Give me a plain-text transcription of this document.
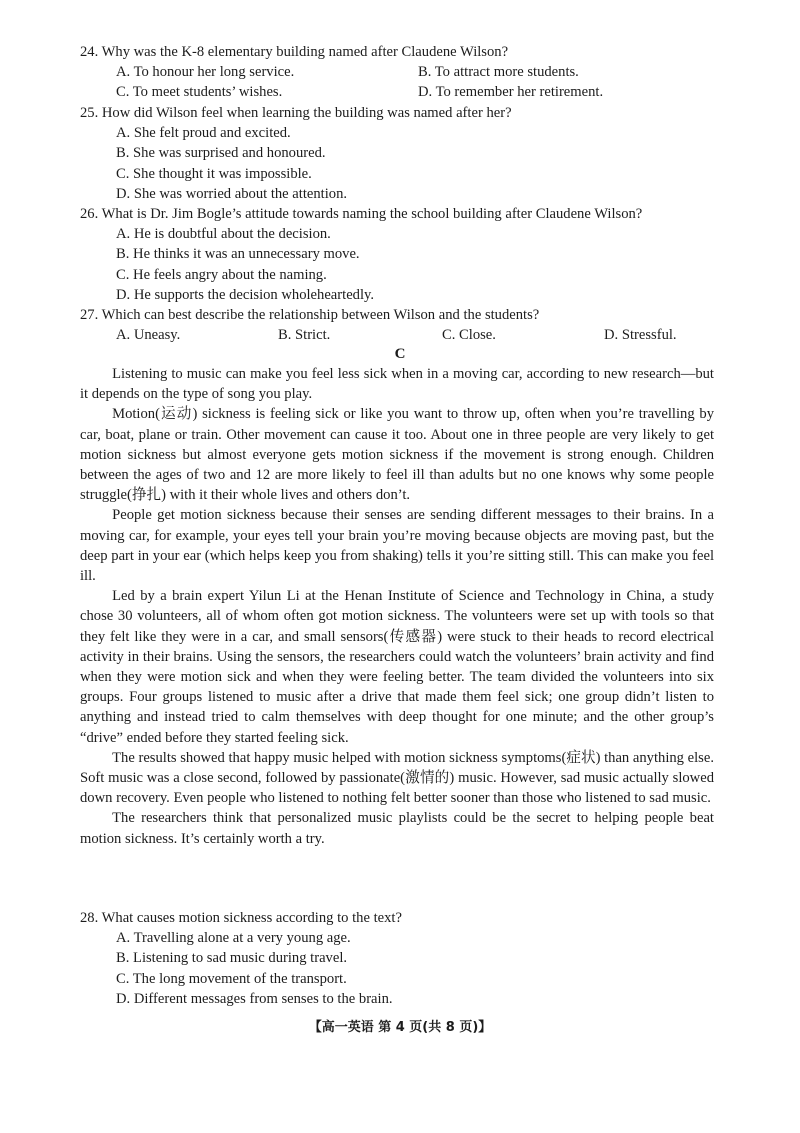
24. Why was the K-8 elementary building named after Claudene Wilson?

A. To honour her long service.	B. To attract more students.
C. To meet students’ wishes.	D. To remember her retirement.

25. How did Wilson feel when learning the building was named after her?

A. She felt proud and excited.

B. She was surprised and honoured.

C. She thought it was impossible.

D. She was worried about the attention.

26. What is Dr. Jim Bogle’s attitude towards naming the school building after Claudene Wilson?

A. He is doubtful about the decision.

B. He thinks it was an unnecessary move.

C. He feels angry about the naming.

D. He supports the decision wholeheartedly.

27. Which can best describe the relationship between Wilson and the students?

A. Uneasy.	B. Strict.	C. Close.	D. Stressful.
C

Listening to music can make you feel less sick when in a moving car, according to new research—but it depends on the type of song you play.

Motion(运动) sickness is feeling sick or like you want to throw up, often when you’re travelling by car, boat, plane or train. Other movement can cause it too. About one in three people are very likely to get motion sickness but almost everyone gets motion sickness if the movement is strong enough. Children between the ages of two and 12 are more likely to feel ill than adults but no one knows why some people struggle(挣扎) with it their whole lives and others don’t.

People get motion sickness because their senses are sending different messages to their brains. In a moving car, for example, your eyes tell your brain you’re moving because objects are moving past, but the deep part in your ear (which helps keep you from shaking) tells it you’re sitting still. This can make you feel ill.

Led by a brain expert Yilun Li at the Henan Institute of Science and Technology in China, a study chose 30 volunteers, all of whom often got motion sickness. The volunteers were set up with tools so that they felt like they were in a car, and small sensors(传感器) were stuck to their heads to record electrical activity in their brains. Using the sensors, the researchers could watch the volunteers’ brain activity and find when they were motion sick and when they were feeling better. The team divided the volunteers into six groups. Four groups listened to music after a drive that made them feel sick; one group didn’t listen to anything and instead tried to calm themselves with deep thought for one minute; and the other group’s “drive” ended before they started feeling sick.

The results showed that happy music helped with motion sickness symptoms(症状) than anything else. Soft music was a close second, followed by passionate(激情的) music. However, sad music actually slowed down recovery. Even people who listened to nothing felt better sooner than those who listened to sad music.

The researchers think that personalized music playlists could be the secret to helping people beat motion sickness. It’s certainly worth a try.

28. What causes motion sickness according to the text?

A. Travelling alone at a very young age.

B. Listening to sad music during travel.

C. The long movement of the transport.

D. Different messages from senses to the brain.

【高一英语 第 4 页(共 8 页)】
